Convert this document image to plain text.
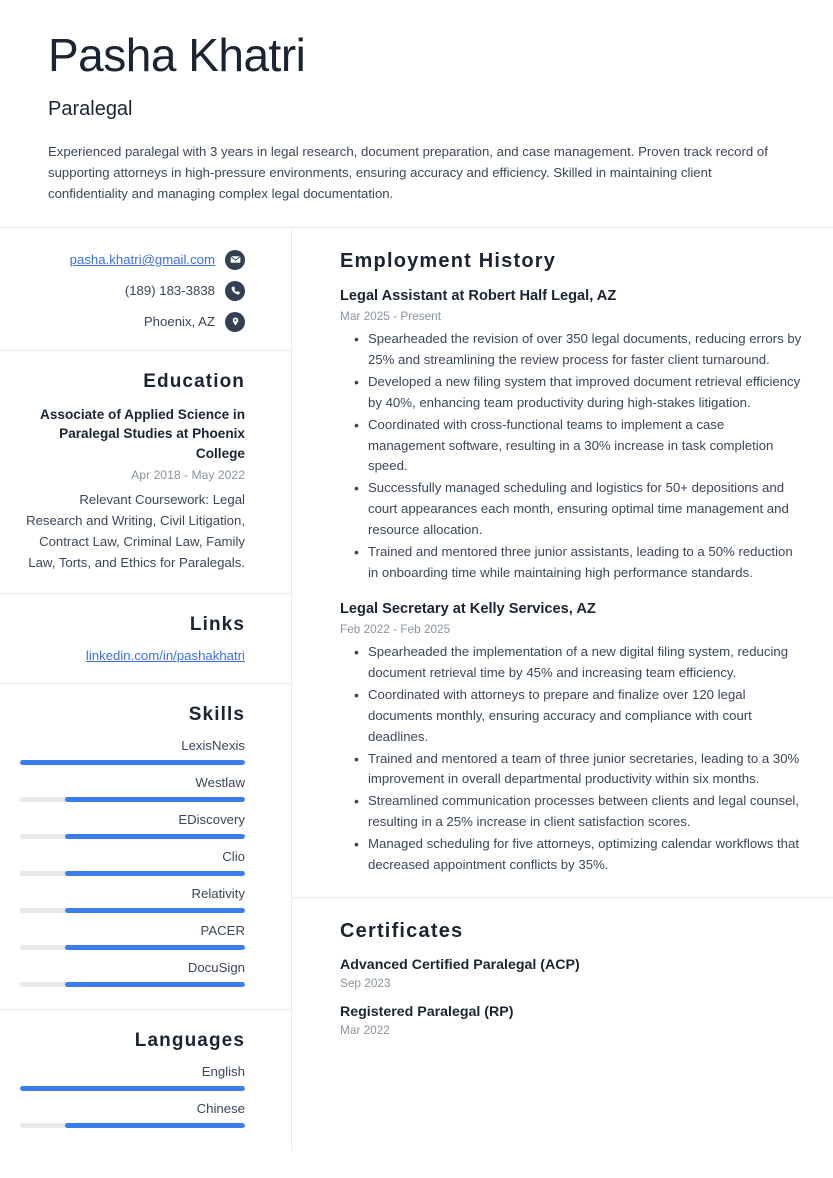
Pasha Khatri
Paralegal

Experienced paralegal with 3 years in legal research, document preparation, and case management. Proven track record of supporting attorneys in high-pressure environments, ensuring accuracy and efficiency. Skilled in maintaining client confidentiality and managing complex legal documentation.

pasha.khatri@gmail.com
(189) 183-3838
Phoenix, AZ
Education
Associate of Applied Science in Paralegal Studies at Phoenix College
Apr 2018 - May 2022
Relevant Coursework: Legal Research and Writing, Civil Litigation, Contract Law, Criminal Law, Family Law, Torts, and Ethics for Paralegals.
Links
linkedin.com/in/pashakhatri
Skills
LexisNexis
Westlaw
EDiscovery
Clio
Relativity
PACER
DocuSign
Languages
English
Chinese
Employment History
Legal Assistant at Robert Half Legal, AZ
Mar 2025 - Present
• Spearheaded the revision of over 350 legal documents, reducing errors by 25% and streamlining the review process for faster client turnaround.
• Developed a new filing system that improved document retrieval efficiency by 40%, enhancing team productivity during high-stakes litigation.
• Coordinated with cross-functional teams to implement a case management software, resulting in a 30% increase in task completion speed.
• Successfully managed scheduling and logistics for 50+ depositions and court appearances each month, ensuring optimal time management and resource allocation.
• Trained and mentored three junior assistants, leading to a 50% reduction in onboarding time while maintaining high performance standards.
Legal Secretary at Kelly Services, AZ
Feb 2022 - Feb 2025
• Spearheaded the implementation of a new digital filing system, reducing document retrieval time by 45% and increasing team efficiency.
• Coordinated with attorneys to prepare and finalize over 120 legal documents monthly, ensuring accuracy and compliance with court deadlines.
• Trained and mentored a team of three junior secretaries, leading to a 30% improvement in overall departmental productivity within six months.
• Streamlined communication processes between clients and legal counsel, resulting in a 25% increase in client satisfaction scores.
• Managed scheduling for five attorneys, optimizing calendar workflows that decreased appointment conflicts by 35%.
Certificates
Advanced Certified Paralegal (ACP)
Sep 2023
Registered Paralegal (RP)
Mar 2022
